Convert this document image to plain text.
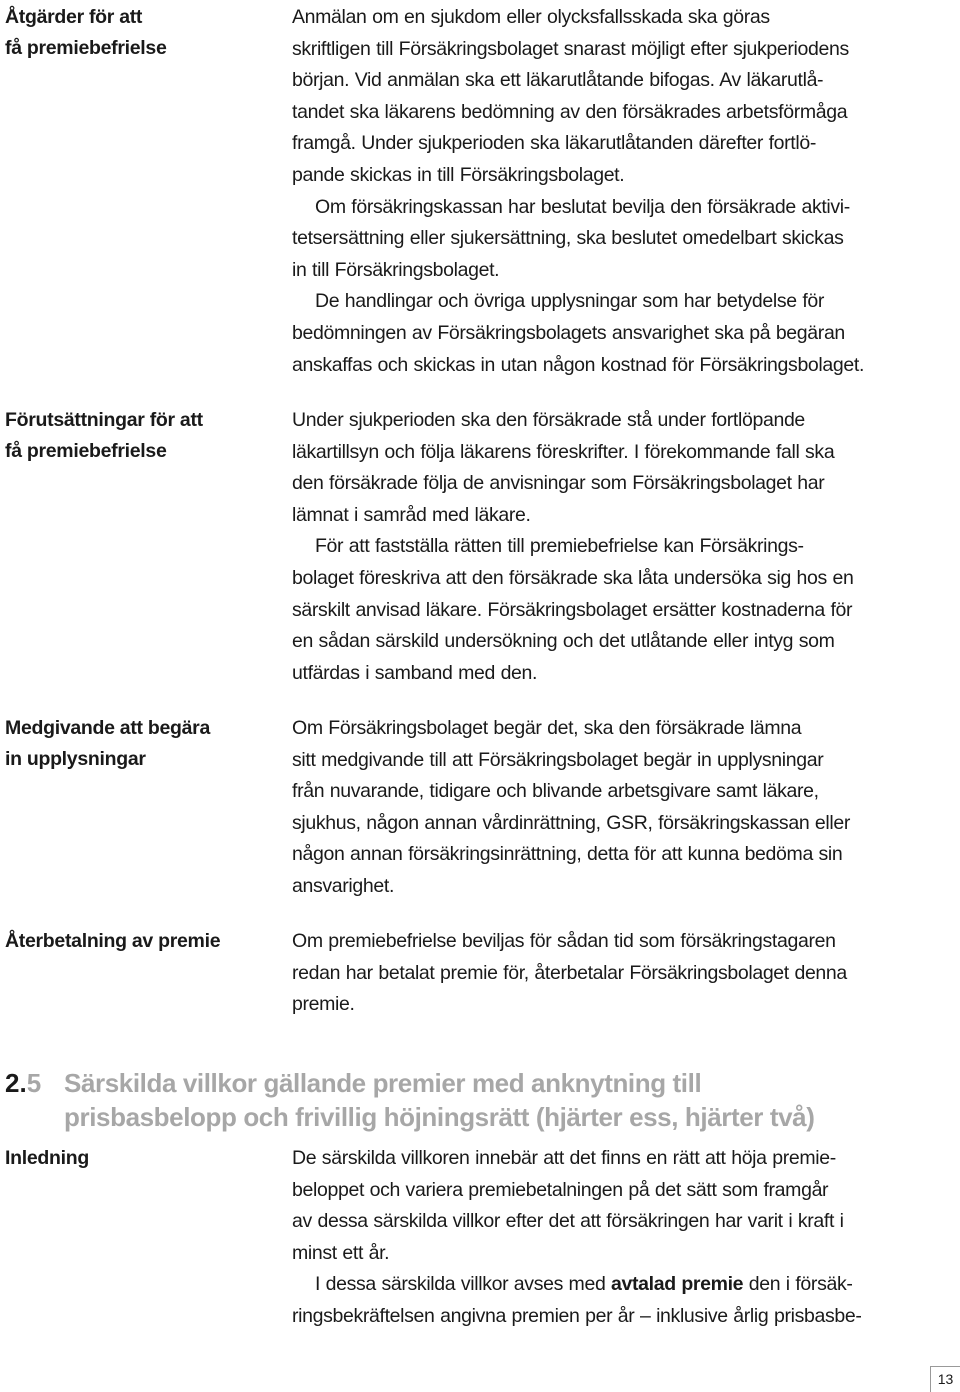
Åtgärder för att
få premiebefrielse
Anmälan om en sjukdom eller olycksfallsskada ska göras
skriftligen till Försäkringsbolaget snarast möjligt efter sjukperiodens
början. Vid anmälan ska ett läkarutlåtande bifogas. Av läkarutlå-
tandet ska läkarens bedömning av den försäkrades arbetsförmåga
framgå. Under sjukperioden ska läkarutlåtanden därefter fortlö-
pande skickas in till Försäkringsbolaget.
Om försäkringskassan har beslutat bevilja den försäkrade aktivi-
tetsersättning eller sjukersättning, ska beslutet omedelbart skickas
in till Försäkringsbolaget.
De handlingar och övriga upplysningar som har betydelse för
bedömningen av Försäkringsbolagets ansvarighet ska på begäran
anskaffas och skickas in utan någon kostnad för Försäkringsbolaget.
Förutsättningar för att
få premiebefrielse
Under sjukperioden ska den försäkrade stå under fortlöpande
läkartillsyn och följa läkarens föreskrifter. I förekommande fall ska
den försäkrade följa de anvisningar som Försäkringsbolaget har
lämnat i samråd med läkare.
För att fastställa rätten till premiebefrielse kan Försäkrings-
bolaget föreskriva att den försäkrade ska låta undersöka sig hos en
särskilt anvisad läkare. Försäkringsbolaget ersätter kostnaderna för
en sådan särskild undersökning och det utlåtande eller intyg som
utfärdas i samband med den.
Medgivande att begära
in upplysningar
Om Försäkringsbolaget begär det, ska den försäkrade lämna
sitt medgivande till att Försäkringsbolaget begär in upplysningar
från nuvarande, tidigare och blivande arbetsgivare samt läkare,
sjukhus, någon annan vårdinrättning, GSR, försäkringskassan eller
någon annan försäkringsinrättning, detta för att kunna bedöma sin
ansvarighet.
Återbetalning av premie	Om premiebefrielse beviljas för sådan tid som försäkringstagaren
redan har betalat premie för, återbetalar Försäkringsbolaget denna
premie.
2.5 Särskilda villkor gällande premier med anknytning till
prisbasbelopp och frivillig höjningsrätt (hjärter ess, hjärter två)
Inledning	De särskilda villkoren innebär att det finns en rätt att höja premie-
beloppet och variera premiebetalningen på det sätt som framgår
av dessa särskilda villkor efter det att försäkringen har varit i kraft i
minst ett år.
I dessa särskilda villkor avses med avtalad premie den i försäk-
ringsbekräftelsen angivna premien per år – inklusive årlig prisbasbe-
13
